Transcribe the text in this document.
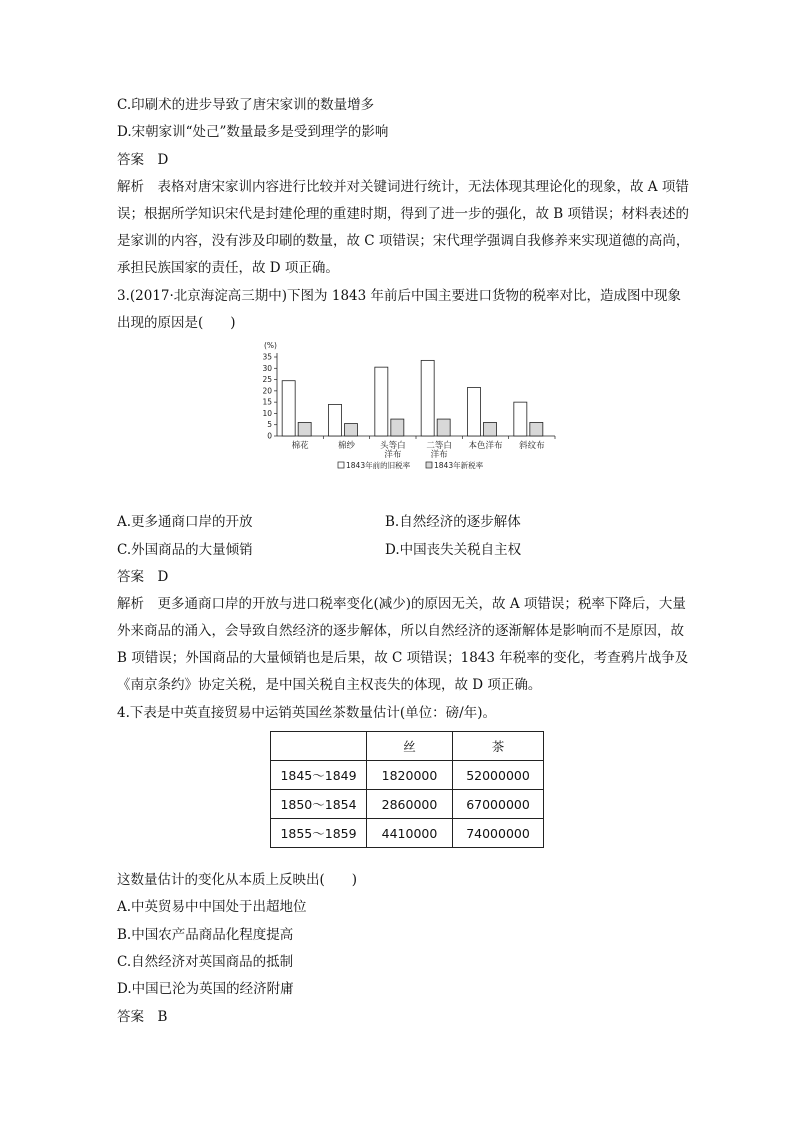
C.印刷术的进步导致了唐宋家训的数量增多
D.宋朝家训“处己”数量最多是受到理学的影响
答案　D
解析　表格对唐宋家训内容进行比较并对关键词进行统计，无法体现其理论化的现象，故 A 项错
误；根据所学知识宋代是封建伦理的重建时期，得到了进一步的强化，故 B 项错误；材料表述的
是家训的内容，没有涉及印刷的数量，故 C 项错误；宋代理学强调自我修养来实现道德的高尚，
承担民族国家的责任，故 D 项正确。
3.(2017·北京海淀高三期中)下图为 1843 年前后中国主要进口货物的税率对比，造成图中现象
出现的原因是(　　)
(%)
35
30
25
20
15
10
5
0
棉花	棉纱	头等白
洋布
二等白
洋布
本色洋布 斜纹布
1843年前的旧税率	1843年新税率
A.更多通商口岸的开放	B.自然经济的逐步解体
C.外国商品的大量倾销	D.中国丧失关税自主权
答案　D
解析　更多通商口岸的开放与进口税率变化(减少)的原因无关，故 A 项错误；税率下降后，大量
外来商品的涌入，会导致自然经济的逐步解体，所以自然经济的逐渐解体是影响而不是原因，故
B 项错误；外国商品的大量倾销也是后果，故 C 项错误；1843 年税率的变化，考查鸦片战争及
《南京条约》协定关税，是中国关税自主权丧失的体现，故 D 项正确。
4.下表是中英直接贸易中运销英国丝茶数量估计(单位：磅/年)。
	丝	茶
1845～1849	1820000	52000000
1850～1854	2860000	67000000
1855～1859	4410000	74000000
这数量估计的变化从本质上反映出(　　)
A.中英贸易中中国处于出超地位
B.中国农产品商品化程度提高
C.自然经济对英国商品的抵制
D.中国已沦为英国的经济附庸
答案　B
